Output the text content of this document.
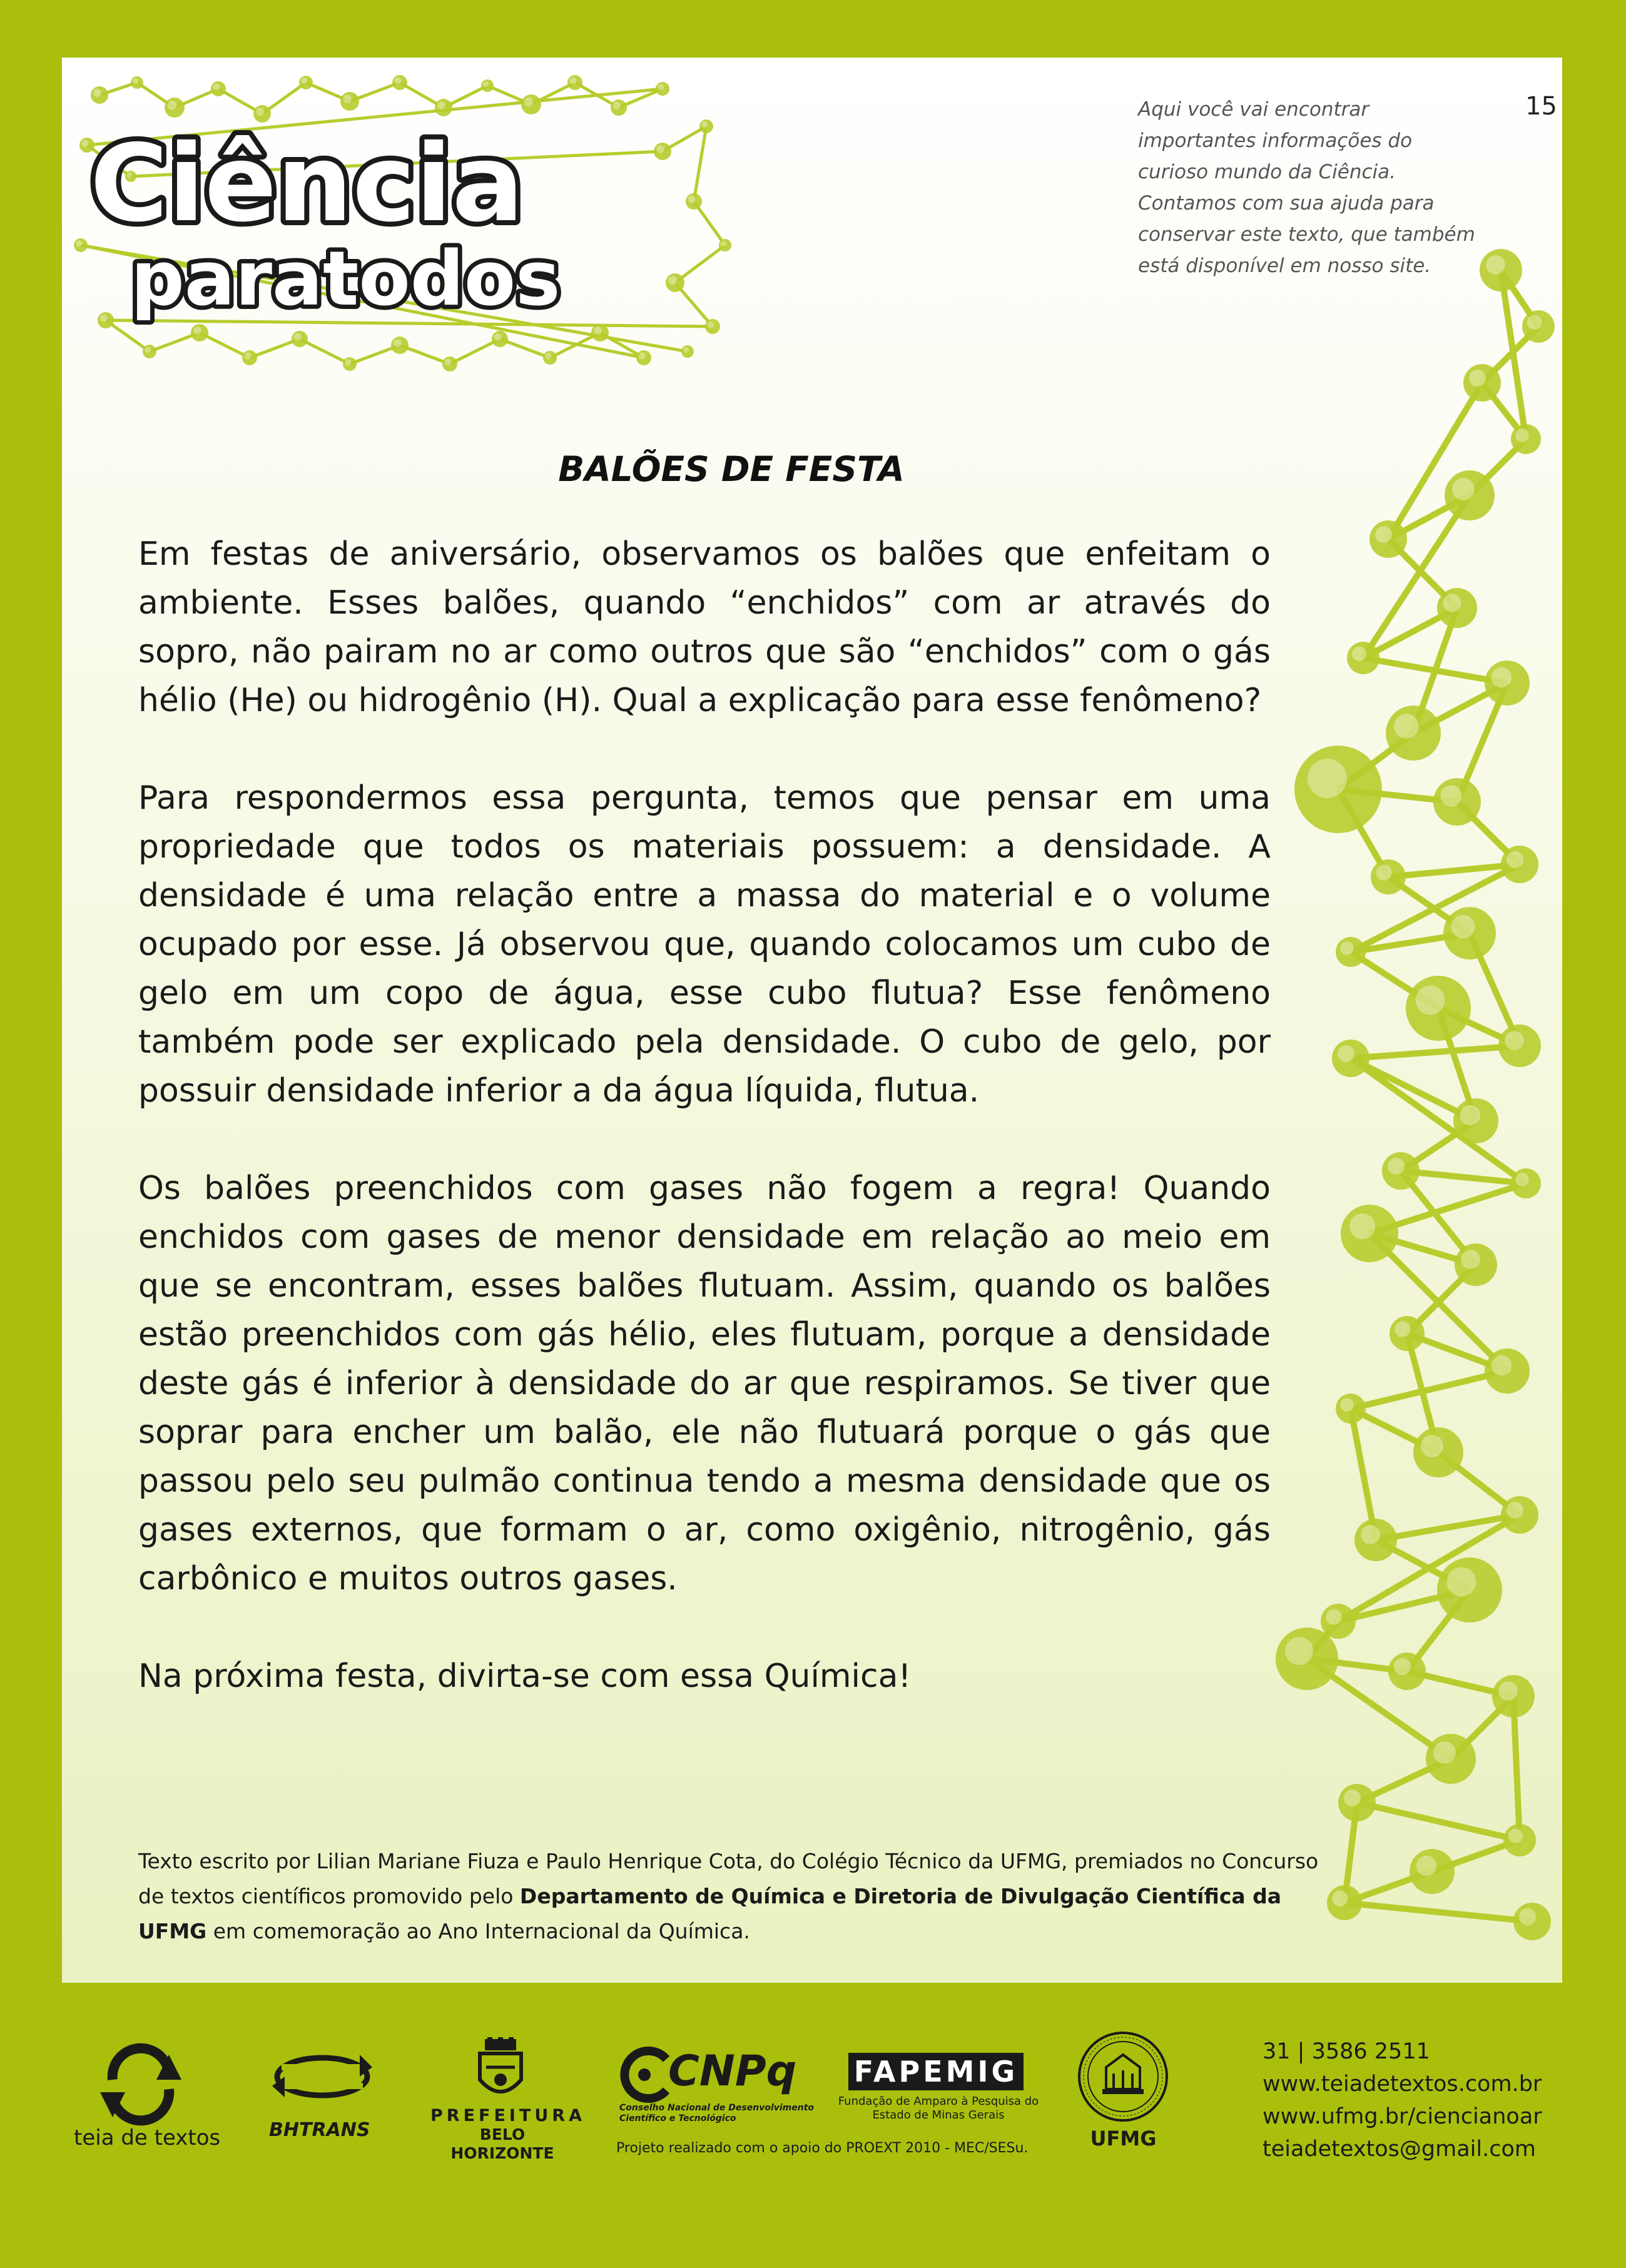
Ciência
paratodos
15
Aqui você vai encontrar
importantes informações do
curioso mundo da Ciência.
Contamos com sua ajuda para
conservar este texto, que também
está disponível em nosso site.
BALÕES DE FESTA

Em festas de aniversário, observamos os balões que enfeitam o ambiente. Esses balões, quando “enchidos” com ar através do sopro, não pairam no ar como outros que são “enchidos” com o gás hélio (He) ou hidrogênio (H). Qual a explicação para esse fenômeno?

Para respondermos essa pergunta, temos que pensar em uma propriedade que todos os materiais possuem: a densidade. A densidade é uma relação entre a massa do material e o volume ocupado por esse. Já observou que, quando colocamos um cubo de gelo em um copo de água, esse cubo flutua? Esse fenômeno também pode ser explicado pela densidade. O cubo de gelo, por possuir densidade inferior a da água líquida, flutua.

Os balões preenchidos com gases não fogem a regra! Quando enchidos com gases de menor densidade em relação ao meio em que se encontram, esses balões flutuam. Assim, quando os balões estão preenchidos com gás hélio, eles flutuam, porque a densidade deste gás é inferior à densidade do ar que respiramos. Se tiver que soprar para encher um balão, ele não flutuará porque o gás que passou pelo seu pulmão continua tendo a mesma densidade que os gases externos, que formam o ar, como oxigênio, nitrogênio, gás carbônico e muitos outros gases.

Na próxima festa, divirta-se com essa Química!

Texto escrito por Lilian Mariane Fiuza e Paulo Henrique Cota, do Colégio Técnico da UFMG, premiados no Concurso de textos científicos promovido pelo Departamento de Química e Diretoria de Divulgação Científica da UFMG em comemoração ao Ano Internacional da Química.
teia de textos	BHTRANS
PREFEITURA
BELO HORIZONTE
CNPq
Conselho Nacional de Desenvolvimento
Científico e Tecnológico
FAPEMIG
Fundação de Amparo à Pesquisa do
Estado de Minas Gerais
Projeto realizado com o apoio do PROEXT 2010 - MEC/SESu.	UFMG
31 | 3586 2511
www.teiadetextos.com.br
www.ufmg.br/ciencianoar
teiadetextos@gmail.com
